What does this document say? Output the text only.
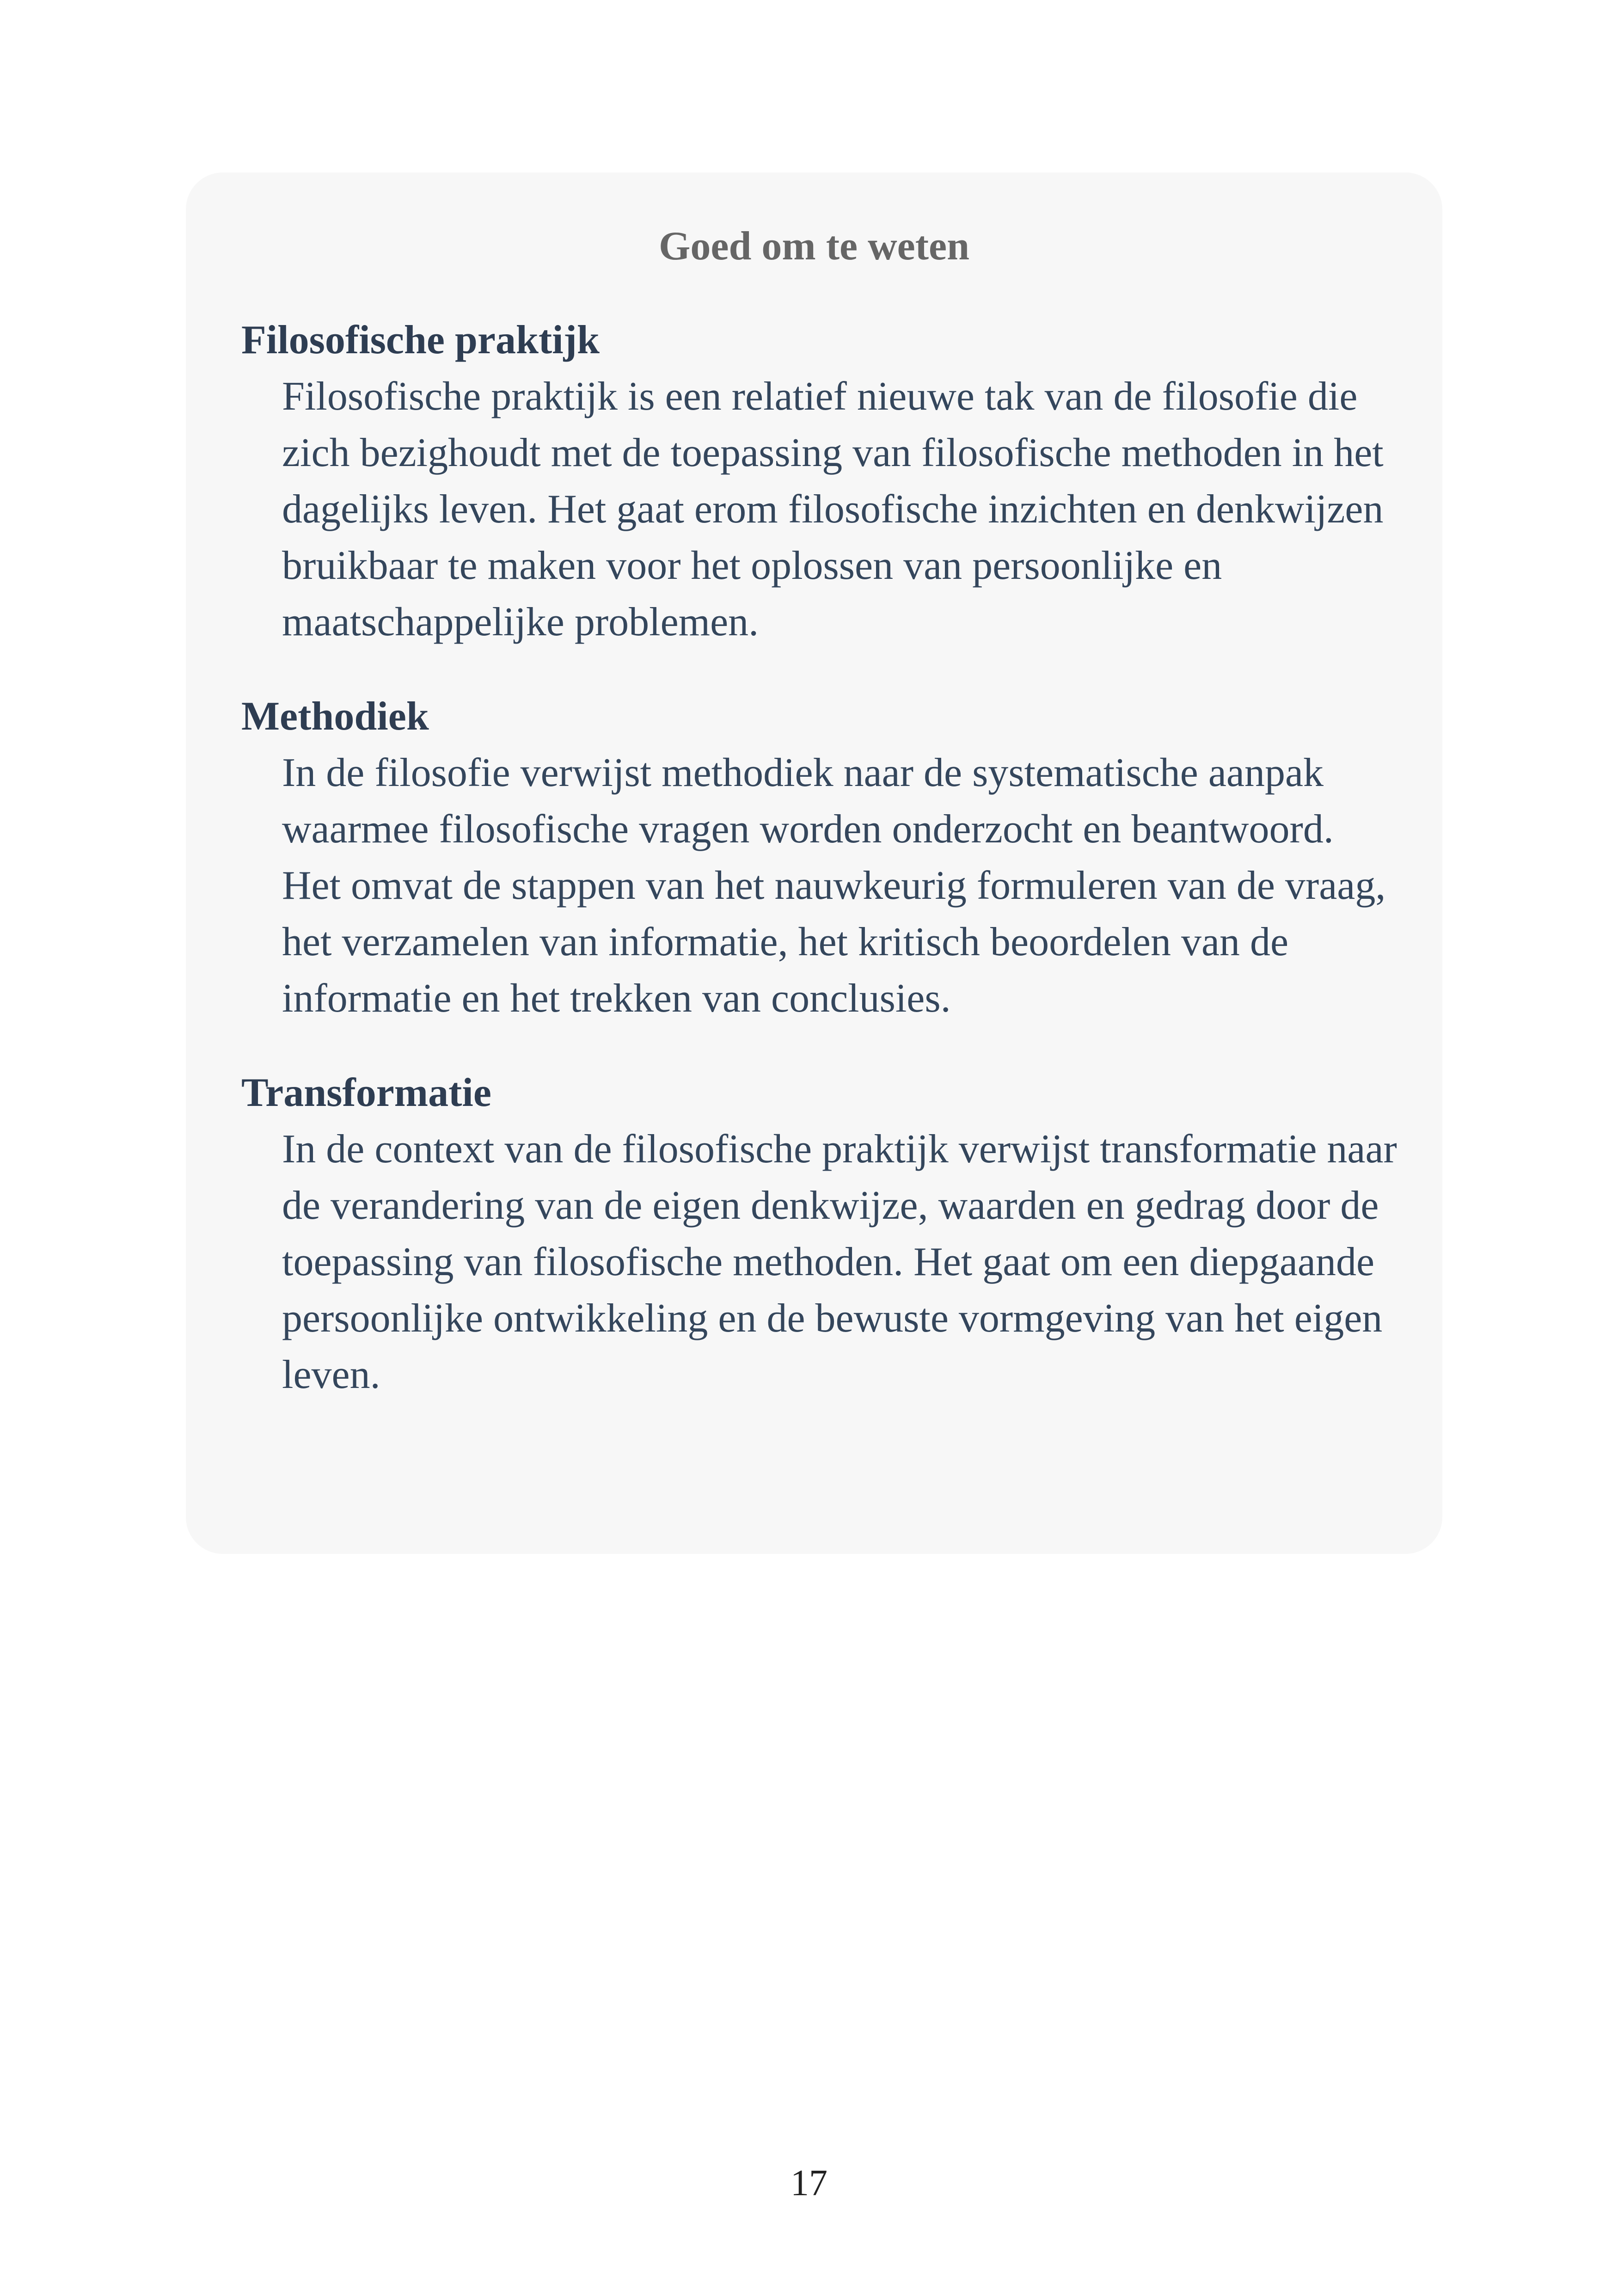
Goed om te weten
Filosofische praktijk

Filosofische praktijk is een relatief nieuwe tak van de filosofie die zich bezighoudt met de toepassing van filosofische methoden in het dagelijks leven. Het gaat erom filosofische inzichten en denkwijzen bruikbaar te maken voor het oplossen van persoonlijke en maatschappelijke problemen.

Methodiek

In de filosofie verwijst methodiek naar de systematische aanpak waarmee filosofische vragen worden onderzocht en beantwoord. Het omvat de stappen van het nauwkeurig formuleren van de vraag, het verzamelen van informatie, het kritisch beoordelen van de informatie en het trekken van conclusies.

Transformatie

In de context van de filosofische praktijk verwijst transformatie naar de verandering van de eigen denkwijze, waarden en gedrag door de toepassing van filosofische methoden. Het gaat om een diepgaande persoonlijke ontwikkeling en de bewuste vormgeving van het eigen leven.

17
